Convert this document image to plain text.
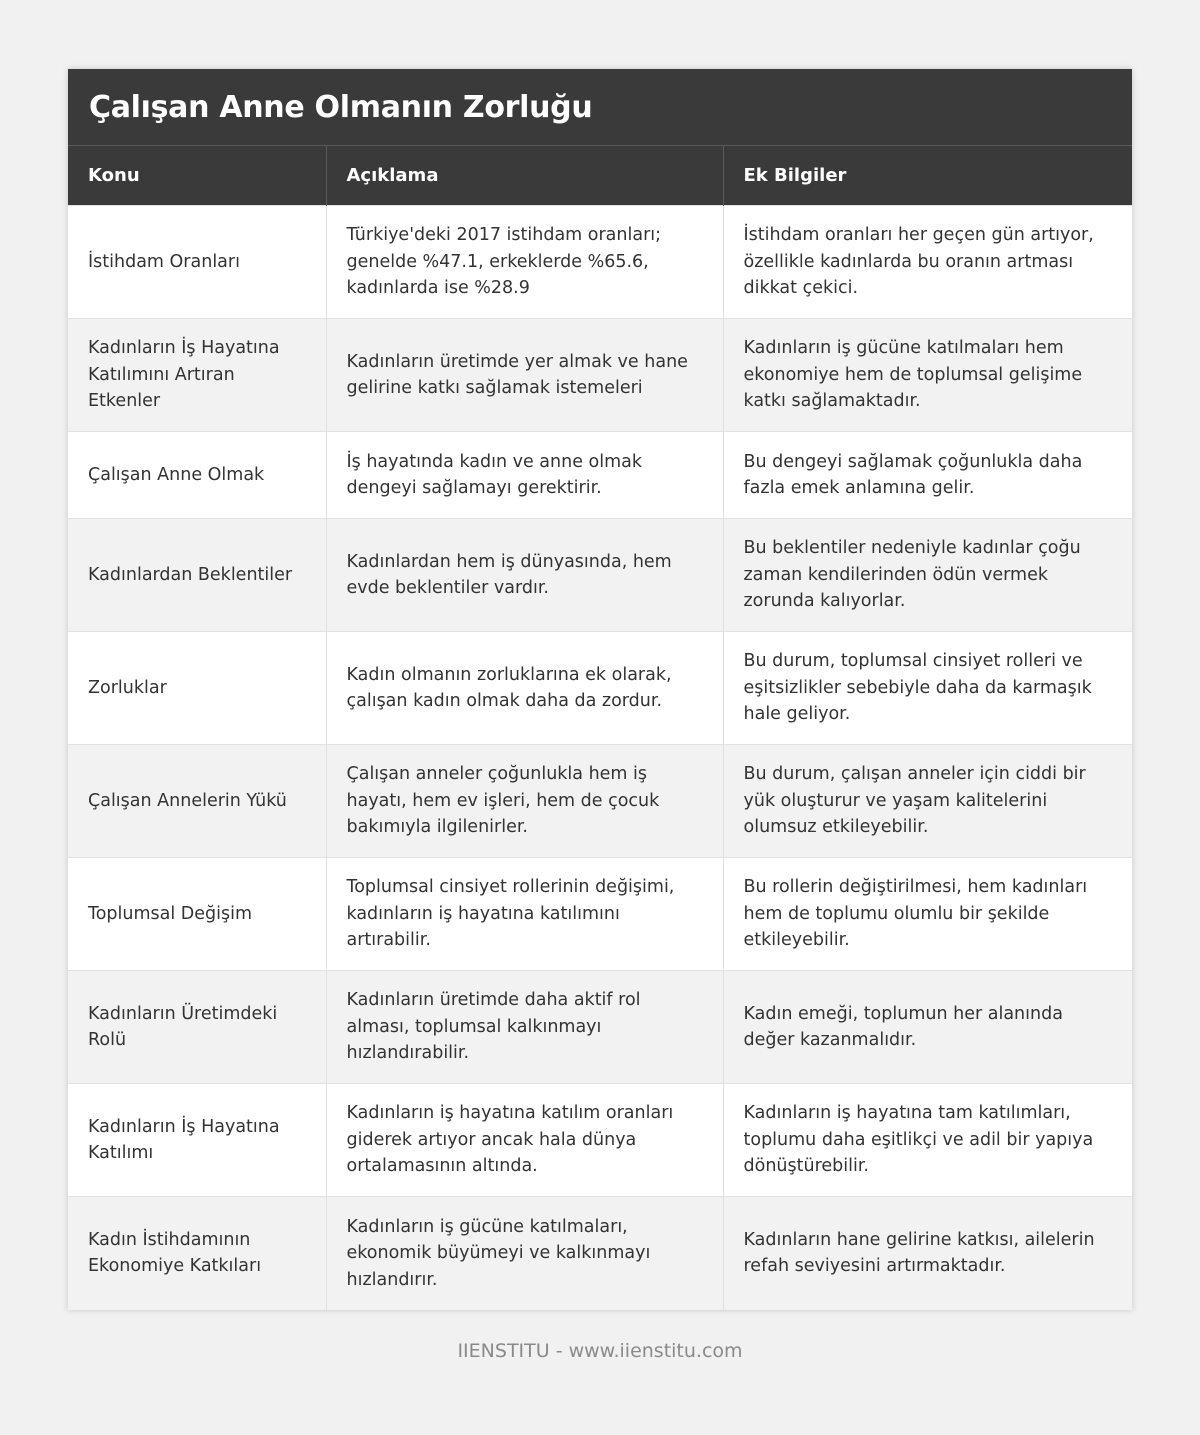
Çalışan Anne Olmanın Zorluğu
Konu	Açıklama	Ek Bilgiler
İstihdam Oranları	Türkiye'deki 2017 istihdam oranları; genelde %47.1, erkeklerde %65.6, kadınlarda ise %28.9	İstihdam oranları her geçen gün artıyor, özellikle kadınlarda bu oranın artması dikkat çekici.
Kadınların İş Hayatına Katılımını Artıran Etkenler	Kadınların üretimde yer almak ve hane gelirine katkı sağlamak istemeleri	Kadınların iş gücüne katılmaları hem ekonomiye hem de toplumsal gelişime katkı sağlamaktadır.
Çalışan Anne Olmak	İş hayatında kadın ve anne olmak dengeyi sağlamayı gerektirir.	Bu dengeyi sağlamak çoğunlukla daha fazla emek anlamına gelir.
Kadınlardan Beklentiler	Kadınlardan hem iş dünyasında, hem evde beklentiler vardır.	Bu beklentiler nedeniyle kadınlar çoğu zaman kendilerinden ödün vermek zorunda kalıyorlar.
Zorluklar	Kadın olmanın zorluklarına ek olarak, çalışan kadın olmak daha da zordur.	Bu durum, toplumsal cinsiyet rolleri ve eşitsizlikler sebebiyle daha da karmaşık hale geliyor.
Çalışan Annelerin Yükü	Çalışan anneler çoğunlukla hem iş hayatı, hem ev işleri, hem de çocuk bakımıyla ilgilenirler.	Bu durum, çalışan anneler için ciddi bir yük oluşturur ve yaşam kalitelerini olumsuz etkileyebilir.
Toplumsal Değişim	Toplumsal cinsiyet rollerinin değişimi, kadınların iş hayatına katılımını artırabilir.	Bu rollerin değiştirilmesi, hem kadınları hem de toplumu olumlu bir şekilde etkileyebilir.
Kadınların Üretimdeki Rolü	Kadınların üretimde daha aktif rol alması, toplumsal kalkınmayı hızlandırabilir.	Kadın emeği, toplumun her alanında değer kazanmalıdır.
Kadınların İş Hayatına Katılımı	Kadınların iş hayatına katılım oranları giderek artıyor ancak hala dünya ortalamasının altında.	Kadınların iş hayatına tam katılımları, toplumu daha eşitlikçi ve adil bir yapıya dönüştürebilir.
Kadın İstihdamının Ekonomiye Katkıları	Kadınların iş gücüne katılmaları, ekonomik büyümeyi ve kalkınmayı hızlandırır.	Kadınların hane gelirine katkısı, ailelerin refah seviyesini artırmaktadır.
IIENSTITU - www.iienstitu.com
